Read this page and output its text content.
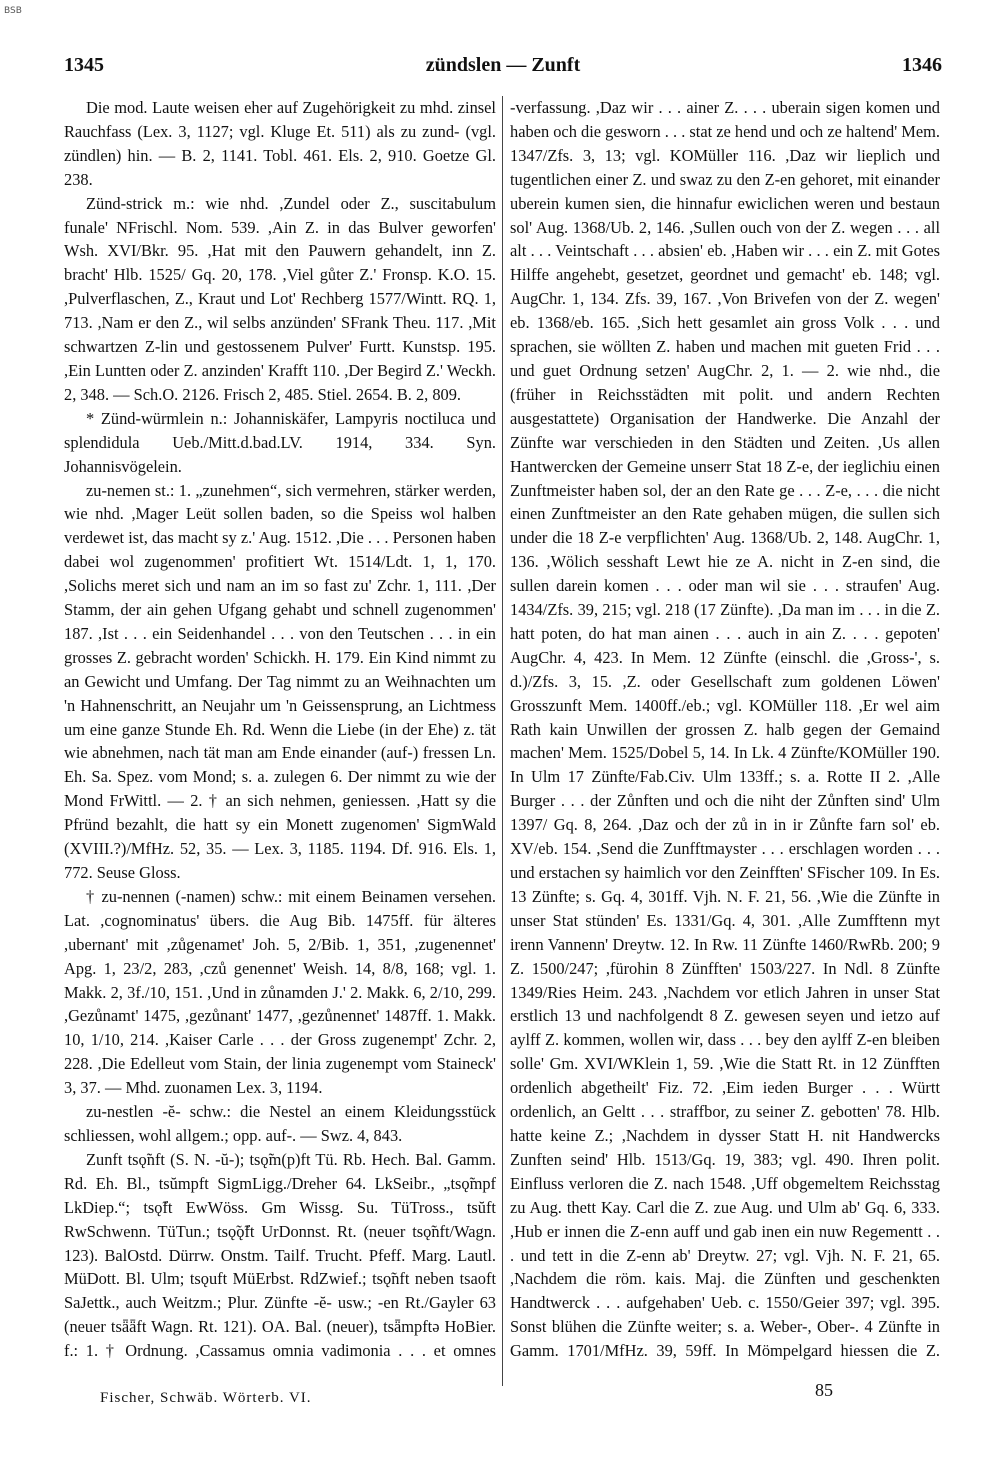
BSB
1345	zündslen — Zunft	1346

Die mod. Laute weisen eher auf Zugehörigkeit zu mhd. zinsel Rauchfass (Lex. 3, 1127; vgl. Kluge Et. 511) als zu zund- (vgl. zündlen) hin. — B. 2, 1141. Tobl. 461. Els. 2, 910. Goetze Gl. 238.

Zünd-strick m.: wie nhd. ,Zundel oder Z., suscitabulum funale' NFrischl. Nom. 539. ,Ain Z. in das Bulver geworfen' Wsh. XVI/Bkr. 95. ,Hat mit den Pauwern gehandelt, inn Z. bracht' Hlb. 1525/ Gq. 20, 178. ,Viel gůter Z.' Fronsp. K.O. 15. ,Pulverflaschen, Z., Kraut und Lot' Rechberg 1577/Wintt. RQ. 1, 713. ,Nam er den Z., wil selbs anzünden' SFrank Theu. 117. ,Mit schwartzen Z-lin und gestossenem Pulver' Furtt. Kunstsp. 195. ,Ein Luntten oder Z. anzinden' Krafft 110. ,Der Begird Z.' Weckh. 2, 348. — Sch.O. 2126. Frisch 2, 485. Stiel. 2654. B. 2, 809.

* Zünd-würmlein n.: Johanniskäfer, Lampyris noctiluca und splendidula Ueb./Mitt.d.bad.LV. 1914, 334. Syn. Johannisvögelein.

zu-nemen st.: 1. „zunehmen“, sich vermehren, stärker werden, wie nhd. ,Mager Leüt sollen baden, so die Speiss wol halben verdewet ist, das macht sy z.' Aug. 1512. ,Die . . . Personen haben dabei wol zugenommen' profitiert Wt. 1514/Ldt. 1, 1, 170. ,Solichs meret sich und nam an im so fast zu' Zchr. 1, 111. ,Der Stamm, der ain gehen Ufgang gehabt und schnell zugenommen' 187. ,Ist . . . ein Seidenhandel . . . von den Teutschen . . . in ein grosses Z. gebracht worden' Schickh. H. 179. Ein Kind nimmt zu an Gewicht und Umfang. Der Tag nimmt zu an Weihnachten um 'n Hahnenschritt, an Neujahr um 'n Geissensprung, an Lichtmess um eine ganze Stunde Eh. Rd. Wenn die Liebe (in der Ehe) z. tät wie abnehmen, nach tät man am Ende einander (auf-) fressen Ln. Eh. Sa. Spez. vom Mond; s. a. zulegen 6. Der nimmt zu wie der Mond FrWittl. — 2. † an sich nehmen, geniessen. ,Hatt sy die Pfründ bezahlt, die hatt sy ein Monett zugenomen' SigmWald (XVIII.?)/MfHz. 52, 35. — Lex. 3, 1185. 1194. Df. 916. Els. 1, 772. Seuse Gloss.

† zu-nennen (-namen) schw.: mit einem Beinamen versehen. Lat. ,cognominatus' übers. die Aug Bib. 1475ff. für älteres ,ubernant' mit ,zůgenamet' Joh. 5, 2/Bib. 1, 351, ,zugenennet' Apg. 1, 23/2, 283, ,czů genennet' Weish. 14, 8/8, 168; vgl. 1. Makk. 2, 3f./10, 151. ,Und in zůnamden J.' 2. Makk. 6, 2/10, 299. ,Gezůnamt' 1475, ,gezůnant' 1477, ,gezůnennet' 1487ff. 1. Makk. 10, 1/10, 214. ,Kaiser Carle . . . der Gross zugenempt' Zchr. 2, 228. ,Die Edelleut vom Stain, der linia zugenempt vom Staineck' 3, 37. — Mhd. zuonamen Lex. 3, 1194.

zu-nestlen -ĕ- schw.: die Nestel an einem Kleidungsstück schliessen, wohl allgem.; opp. auf-. — Swz. 4, 843.

Zunft tsǫ̃nft (S. N. -ŭ-); tsǫ̃m(p)ft Tü. Rb. Hech. Bal. Gamm. Rd. Eh. Bl., tsŭmpft SigmLigg./Dreher 64. LkSeibr., „tsǫ̃mpf LkDiep.“; tsǫ̃ft EwWöss. Gm Wissg. Su. TüTross., tsŭft RwSchwenn. TüTun.; tsǫ̃ǫ̃ft UrDonnst. Rt. (neuer tsǫ̃nft/Wagn. 123). BalOstd. Dürrw. Onstm. Tailf. Trucht. Pfeff. Marg. Lautl. MüDott. Bl. Ulm; tsǫuft MüErbst. RdZwief.; tsǫ̃nft neben tsaoft SaJettk., auch Weitzm.; Plur. Zünfte -ĕ- usw.; -en Rt./Gayler 63 (neuer tsǟǟft Wagn. Rt. 121). OA. Bal. (neuer), tsǟmpftə HoBier. f.: 1. † Ordnung. ,Cassamus omnia vadimonia . . . et omnes

-verfassung. ,Daz wir . . . ainer Z. . . . uberain sigen komen und haben och die gesworn . . . stat ze hend und och ze haltend' Mem. 1347/Zfs. 3, 13; vgl. KOMüller 116. ,Daz wir lieplich und tugentlichen einer Z. und swaz zu den Z-en gehoret, mit einander uberein kumen sien, die hinnafur ewiclichen weren und bestaun sol' Aug. 1368/Ub. 2, 146. ,Sullen ouch von der Z. wegen . . . all alt . . . Veintschaft . . . absien' eb. ,Haben wir . . . ein Z. mit Gotes Hilffe angehebt, gesetzet, geordnet und gemacht' eb. 148; vgl. AugChr. 1, 134. Zfs. 39, 167. ,Von Brivefen von der Z. wegen' eb. 1368/eb. 165. ,Sich hett gesamlet ain gross Volk . . . und sprachen, sie wöllten Z. haben und machen mit gueten Frid . . . und guet Ordnung setzen' AugChr. 2, 1. — 2. wie nhd., die (früher in Reichsstädten mit polit. und andern Rechten ausgestattete) Organisation der Handwerke. Die Anzahl der Zünfte war verschieden in den Städten und Zeiten. ,Us allen Hantwercken der Gemeine unserr Stat 18 Z-e, der ieglichiu einen Zunftmeister haben sol, der an den Rate ge . . . Z-e, . . . die nicht einen Zunftmeister an den Rate gehaben mügen, die sullen sich under die 18 Z-e verpflichten' Aug. 1368/Ub. 2, 148. AugChr. 1, 136. ,Wölich sesshaft Lewt hie ze A. nicht in Z-en sind, die sullen darein komen . . . oder man wil sie . . . straufen' Aug. 1434/Zfs. 39, 215; vgl. 218 (17 Zünfte). ,Da man im . . . in die Z. hatt poten, do hat man ainen . . . auch in ain Z. . . . gepoten' AugChr. 4, 423. In Mem. 12 Zünfte (einschl. die ,Gross-', s. d.)/Zfs. 3, 15. ,Z. oder Gesellschaft zum goldenen Löwen' Grosszunft Mem. 1400ff./eb.; vgl. KOMüller 118. ,Er wel aim Rath kain Unwillen der grossen Z. halb gegen der Gemaind machen' Mem. 1525/Dobel 5, 14. In Lk. 4 Zünfte/KOMüller 190. In Ulm 17 Zünfte/Fab.Civ. Ulm 133ff.; s. a. Rotte II 2. ,Alle Burger . . . der Zůnften und och die niht der Zůnften sind' Ulm 1397/ Gq. 8, 264. ,Daz och der zů in in ir Zůnfte farn sol' eb. XV/eb. 154. ,Send die Zunfftmayster . . . erschlagen worden . . . und erstachen sy haimlich vor den Zeinfften' SFischer 109. In Es. 13 Zünfte; s. Gq. 4, 301ff. Vjh. N. F. 21, 56. ,Wie die Zünfte in unser Stat stünden' Es. 1331/Gq. 4, 301. ,Alle Zumfftenn myt irenn Vannenn' Dreytw. 12. In Rw. 11 Zünfte 1460/RwRb. 200; 9 Z. 1500/247; ,fürohin 8 Zünfften' 1503/227. In Ndl. 8 Zünfte 1349/Ries Heim. 243. ,Nachdem vor etlich Jahren in unser Stat erstlich 13 und nachfolgendt 8 Z. gewesen seyen und ietzo auf aylff Z. kommen, wollen wir, dass . . . bey den aylff Z-en bleiben solle' Gm. XVI/WKlein 1, 59. ,Wie die Statt Rt. in 12 Zünfften ordenlich abgetheilt' Fiz. 72. ,Eim ieden Burger . . . Württ ordenlich, an Geltt . . . straffbor, zu seiner Z. gebotten' 78. Hlb. hatte keine Z.; ,Nachdem in dysser Statt H. nit Handwercks Zunften seind' Hlb. 1513/Gq. 19, 383; vgl. 490. Ihren polit. Einfluss verloren die Z. nach 1548. ,Uff obgemeltem Reichsstag zu Aug. thett Kay. Carl die Z. zue Aug. und Ulm ab' Gq. 6, 333. ,Hub er innen die Z-enn auff und gab inen ein nuw Regementt . . . und tett in die Z-enn ab' Dreytw. 27; vgl. Vjh. N. F. 21, 65. ,Nachdem die röm. kais. Maj. die Zünften und geschenkten Handtwerck . . . aufgehaben' Ueb. c. 1550/Geier 397; vgl. 395. Sonst blühen die Zünfte weiter; s. a. Weber-, Ober-. 4 Zünfte in Gamm. 1701/MfHz. 39, 59ff. In Mömpelgard hiessen die Z.

Fischer, Schwäb. Wörterb. VI.	85
